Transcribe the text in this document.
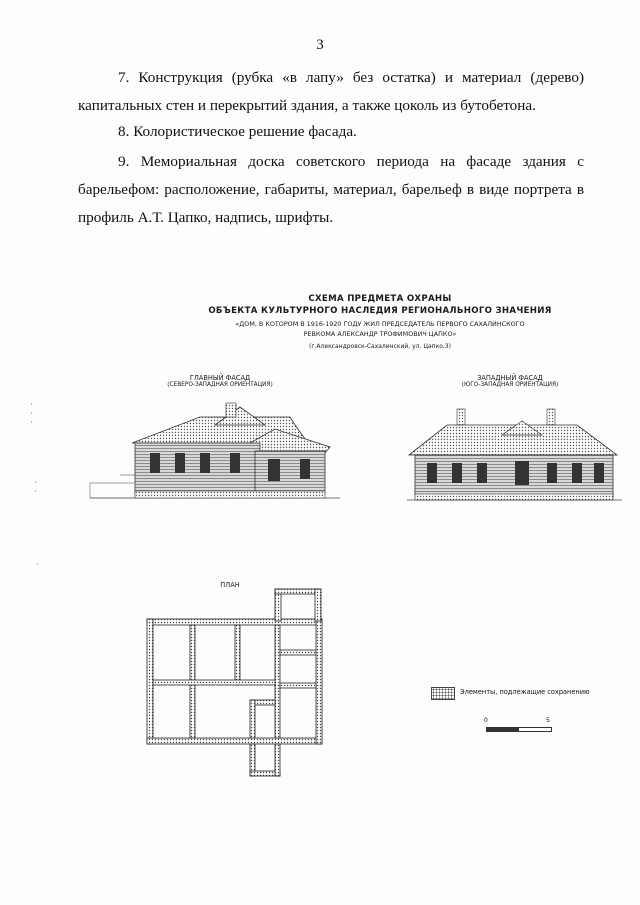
3
7. Конструкция (рубка «в лапу» без остатка) и материал (дерево) капитальных стен и перекрытий здания, а также цоколь из бутобетона.
8. Колористическое решение фасада.
9. Мемориальная доска советского периода на фасаде здания с барельефом: расположение, габариты, материал, барельеф в виде портрета в профиль А.Т. Цапко, надпись, шрифты.
СХЕМА ПРЕДМЕТА ОХРАНЫ
ОБЪЕКТА КУЛЬТУРНОГО НАСЛЕДИЯ РЕГИОНАЛЬНОГО ЗНАЧЕНИЯ
«ДОМ, В КОТОРОМ В 1916-1920 ГОДУ ЖИЛ ПРЕДСЕДАТЕЛЬ ПЕРВОГО САХАЛИНСКОГО
РЕВКОМА АЛЕКСАНДР ТРОФИМОВИЧ ЦАПКО»
(г.Александровск-Сахалинский, ул. Цапко,3)
ГЛАВНЫЙ ФАСАД
(СЕВЕРО-ЗАПАДНАЯ ОРИЕНТАЦИЯ)
ЗАПАДНЫЙ ФАСАД
(ЮГО-ЗАПАДНАЯ ОРИЕНТАЦИЯ)
ПЛАН
Элементы, подлежащие сохранению
0	5
·
·
·
·
·
·
